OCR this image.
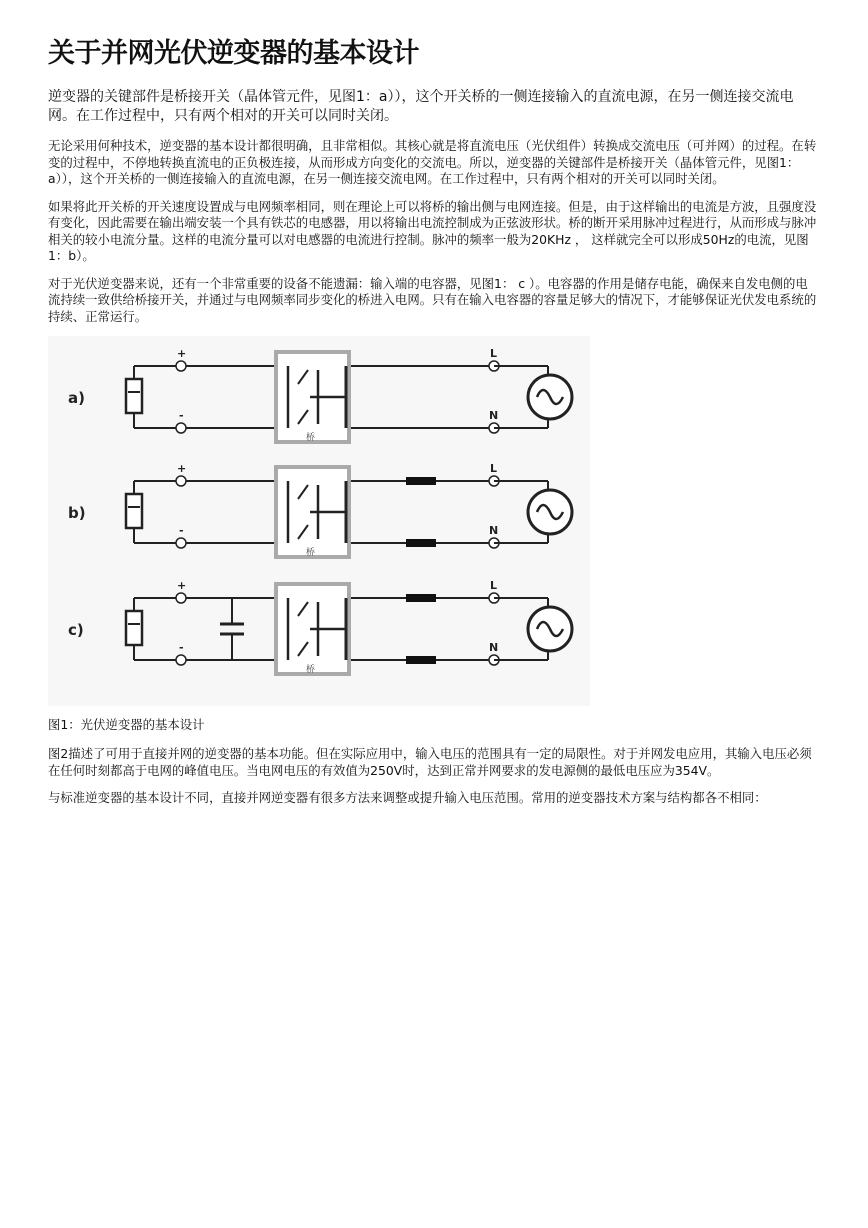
关于并网光伏逆变器的基本设计

逆变器的关键部件是桥接开关（晶体管元件，见图1：a）），这个开关桥的一侧连接输入的直流电源，在另一侧连接交流电网。在工作过程中，只有两个相对的开关可以同时关闭。

无论采用何种技术，逆变器的基本设计都很明确，且非常相似。其核心就是将直流电压（光伏组件）转换成交流电压（可并网）的过程。在转变的过程中，不停地转换直流电的正负极连接，从而形成方向变化的交流电。所以，逆变器的关键部件是桥接开关（晶体管元件，见图1：a）），这个开关桥的一侧连接输入的直流电源，在另一侧连接交流电网。在工作过程中，只有两个相对的开关可以同时关闭。

如果将此开关桥的开关速度设置成与电网频率相同，则在理论上可以将桥的输出侧与电网连接。但是，由于这样输出的电流是方波，且强度没有变化，因此需要在输出端安装一个具有铁芯的电感器，用以将输出电流控制成为正弦波形状。桥的断开采用脉冲过程进行，从而形成与脉冲相关的较小电流分量。这样的电流分量可以对电感器的电流进行控制。脉冲的频率一般为20KHz ， 这样就完全可以形成50Hz的电流，见图1：b）。

对于光伏逆变器来说，还有一个非常重要的设备不能遗漏：输入端的电容器，见图1： c ）。电容器的作用是储存电能，确保来自发电侧的电流持续一致供给桥接开关，并通过与电网频率同步变化的桥进入电网。只有在输入电容器的容量足够大的情况下，才能够保证光伏发电系统的持续、正常运行。

a)
+
-
L
N
桥
b)
+
-
L
N
桥
c)
+
-
L
N
桥
图1：光伏逆变器的基本设计

图2描述了可用于直接并网的逆变器的基本功能。但在实际应用中，输入电压的范围具有一定的局限性。对于并网发电应用，其输入电压必须在任何时刻都高于电网的峰值电压。当电网电压的有效值为250V时，达到正常并网要求的发电源侧的最低电压应为354V。

与标准逆变器的基本设计不同，直接并网逆变器有很多方法来调整或提升输入电压范围。常用的逆变器技术方案与结构都各不相同：
